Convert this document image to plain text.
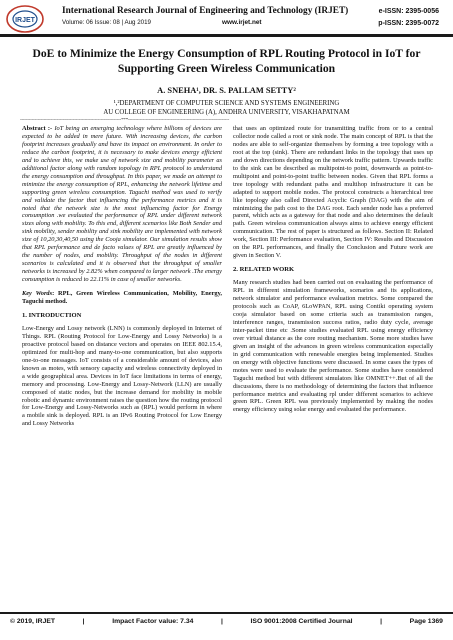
IRJET
International Research Journal of Engineering and Technology (IRJET)
Volume: 06 Issue: 08 | Aug 2019	www.irjet.net
e-ISSN: 2395-0056
p-ISSN: 2395-0072
DoE to Minimize the Energy Consumption of RPL Routing Protocol in IoT for Supporting Green Wireless Communication
A. SNEHA¹, DR. S. PALLAM SETTY²
¹,²DEPARTMENT OF COMPUTER SCIENCE AND SYSTEMS ENGINEERING
AU COLLEGE OF ENGINEERING (A), ANDHRA UNIVERSITY, VISAKHAPATNAM
---------------------------------------------------------------------***---------------------------------------------------------------------

Abstract :- IoT being an emerging technology where billions of devices are expected to be added in mere future. With increasing devices, the carbon footprint increases gradually and have its impact on environment. In order to reduce the carbon footprint, it is necessary to make devices energy efficient and to achieve this, we make use of network size and mobility parameter as additional factor along with random topology in RPL protocol to understand the energy consumption and throughput. In this paper, we made an attempt to minimize the energy consumption of RPL, enhancing the network lifetime and supporting green wireless consumption. Taguchi method was used to verify and validate the factor that influencing the performance metrics and it is noted that the network size is the most influencing factor for Energy consumption .we evaluated the performance of RPL under different network sizes along with mobility. To this end, different scenarios like Both Sender and sink mobility, sender mobility and sink mobility are implemented with network size of 10,20,30,40,50 using the Cooja simulator. Our simulation results show that RPL performance and de facto values of RPL are greatly influenced by the number of nodes, and mobility. Throughput of the nodes in different scenarios is calculated and it is observed that the throughput of smaller networks is increased by 2.82% when compared to larger network .The energy consumption is reduced to 22.11% in case of smaller networks.

Key Words: RPL, Green Wireless Communication, Mobility, Energy, Taguchi method.

1. INTRODUCTION

Low-Energy and Lossy network (LNN) is commonly deployed in Internet of Things. RPL (Routing Protocol for Low-Energy and Lossy Networks) is a proactive protocol based on distance vectors and operates on IEEE 802.15.4, optimized for multi-hop and many-to-one communication, but also supports one-to-one messages. IoT consists of a considerable amount of devices, also known as motes, with sensory capacity and wireless connectivity deployed in a wide geographical area. Devices in IoT face limitations in terms of energy, memory and processing. Low-Energy and Lossy-Network (LLN) are usually composed of static nodes, but the increase demand for mobility in mobile robotic and dynamic environment raises the question how the routing protocol for Low-Energy and Lossy-Networks such as (RPL) would perform in where a mobile sink is deployed. RPL is an IPv6 Routing Protocol for Low Energy and Lossy Networks

that uses an optimized route for transmitting traffic from or to a central collector node called a root or sink node. The main concept of RPL is that the nodes are able to self-organize themselves by forming a tree topology with a root at the top (sink). There are redundant links in the topology that uses up and down directions depending on the network traffic pattern. Upwards traffic to the sink can be described as multipoint-to point, downwards as point-to-multipoint and point-to-point traffic between nodes. Given that RPL forms a tree topology with redundant paths and multihop infrastructure it can be adapted to support mobile nodes. The protocol constructs a hierarchical tree like topology also called Directed Acyclic Graph (DAG) with the aim of minimizing the path cost to the DAG root. Each sender node has a preferred parent, which acts as a gateway for that node and also determines the default path. Green wireless communication always aims to achieve energy efficient communication. The rest of paper is structured as follows. Section II: Related work, Section III: Performance evaluation, Section IV: Results and Discussion on the RPL performances, and finally the Conclusion and Future work are given in Section V.

2. RELATED WORK

Many research studies had been carried out on evaluating the performance of RPL in different simulation frameworks, scenarios and its applications, network simulator and performance evaluation metrics. Some compared the protocols such as CoAP, 6LoWPAN, RPL using Contiki operating system cooja simulator based on some criteria such as transmission ranges, interference ranges, transmission success ratios, radio duty cycle, average inter-packet time etc .Some studies evaluated RPL using energy efficiency over virtual distance as the core routing mechanism. Some more studies have given an insight of the advances in green wireless communication especially in grid communication with renewable energies being implemented. Studies on energy with objective functions were discussed. In some cases the types of motes were used to evaluate the performance. Some studies have considered Taguchi method but with different simulators like OMNET++.But of all the discussions, there is no methodology of determining the factors that influence performance metrics and evaluating rpl under different scenarios to achieve green RPL. Green RPL was previously implemented by making the nodes energy efficiency using solar energy and evaluated the performance.

© 2019, IRJET	|	Impact Factor value: 7.34	|	ISO 9001:2008 Certified Journal	|	Page 1369
